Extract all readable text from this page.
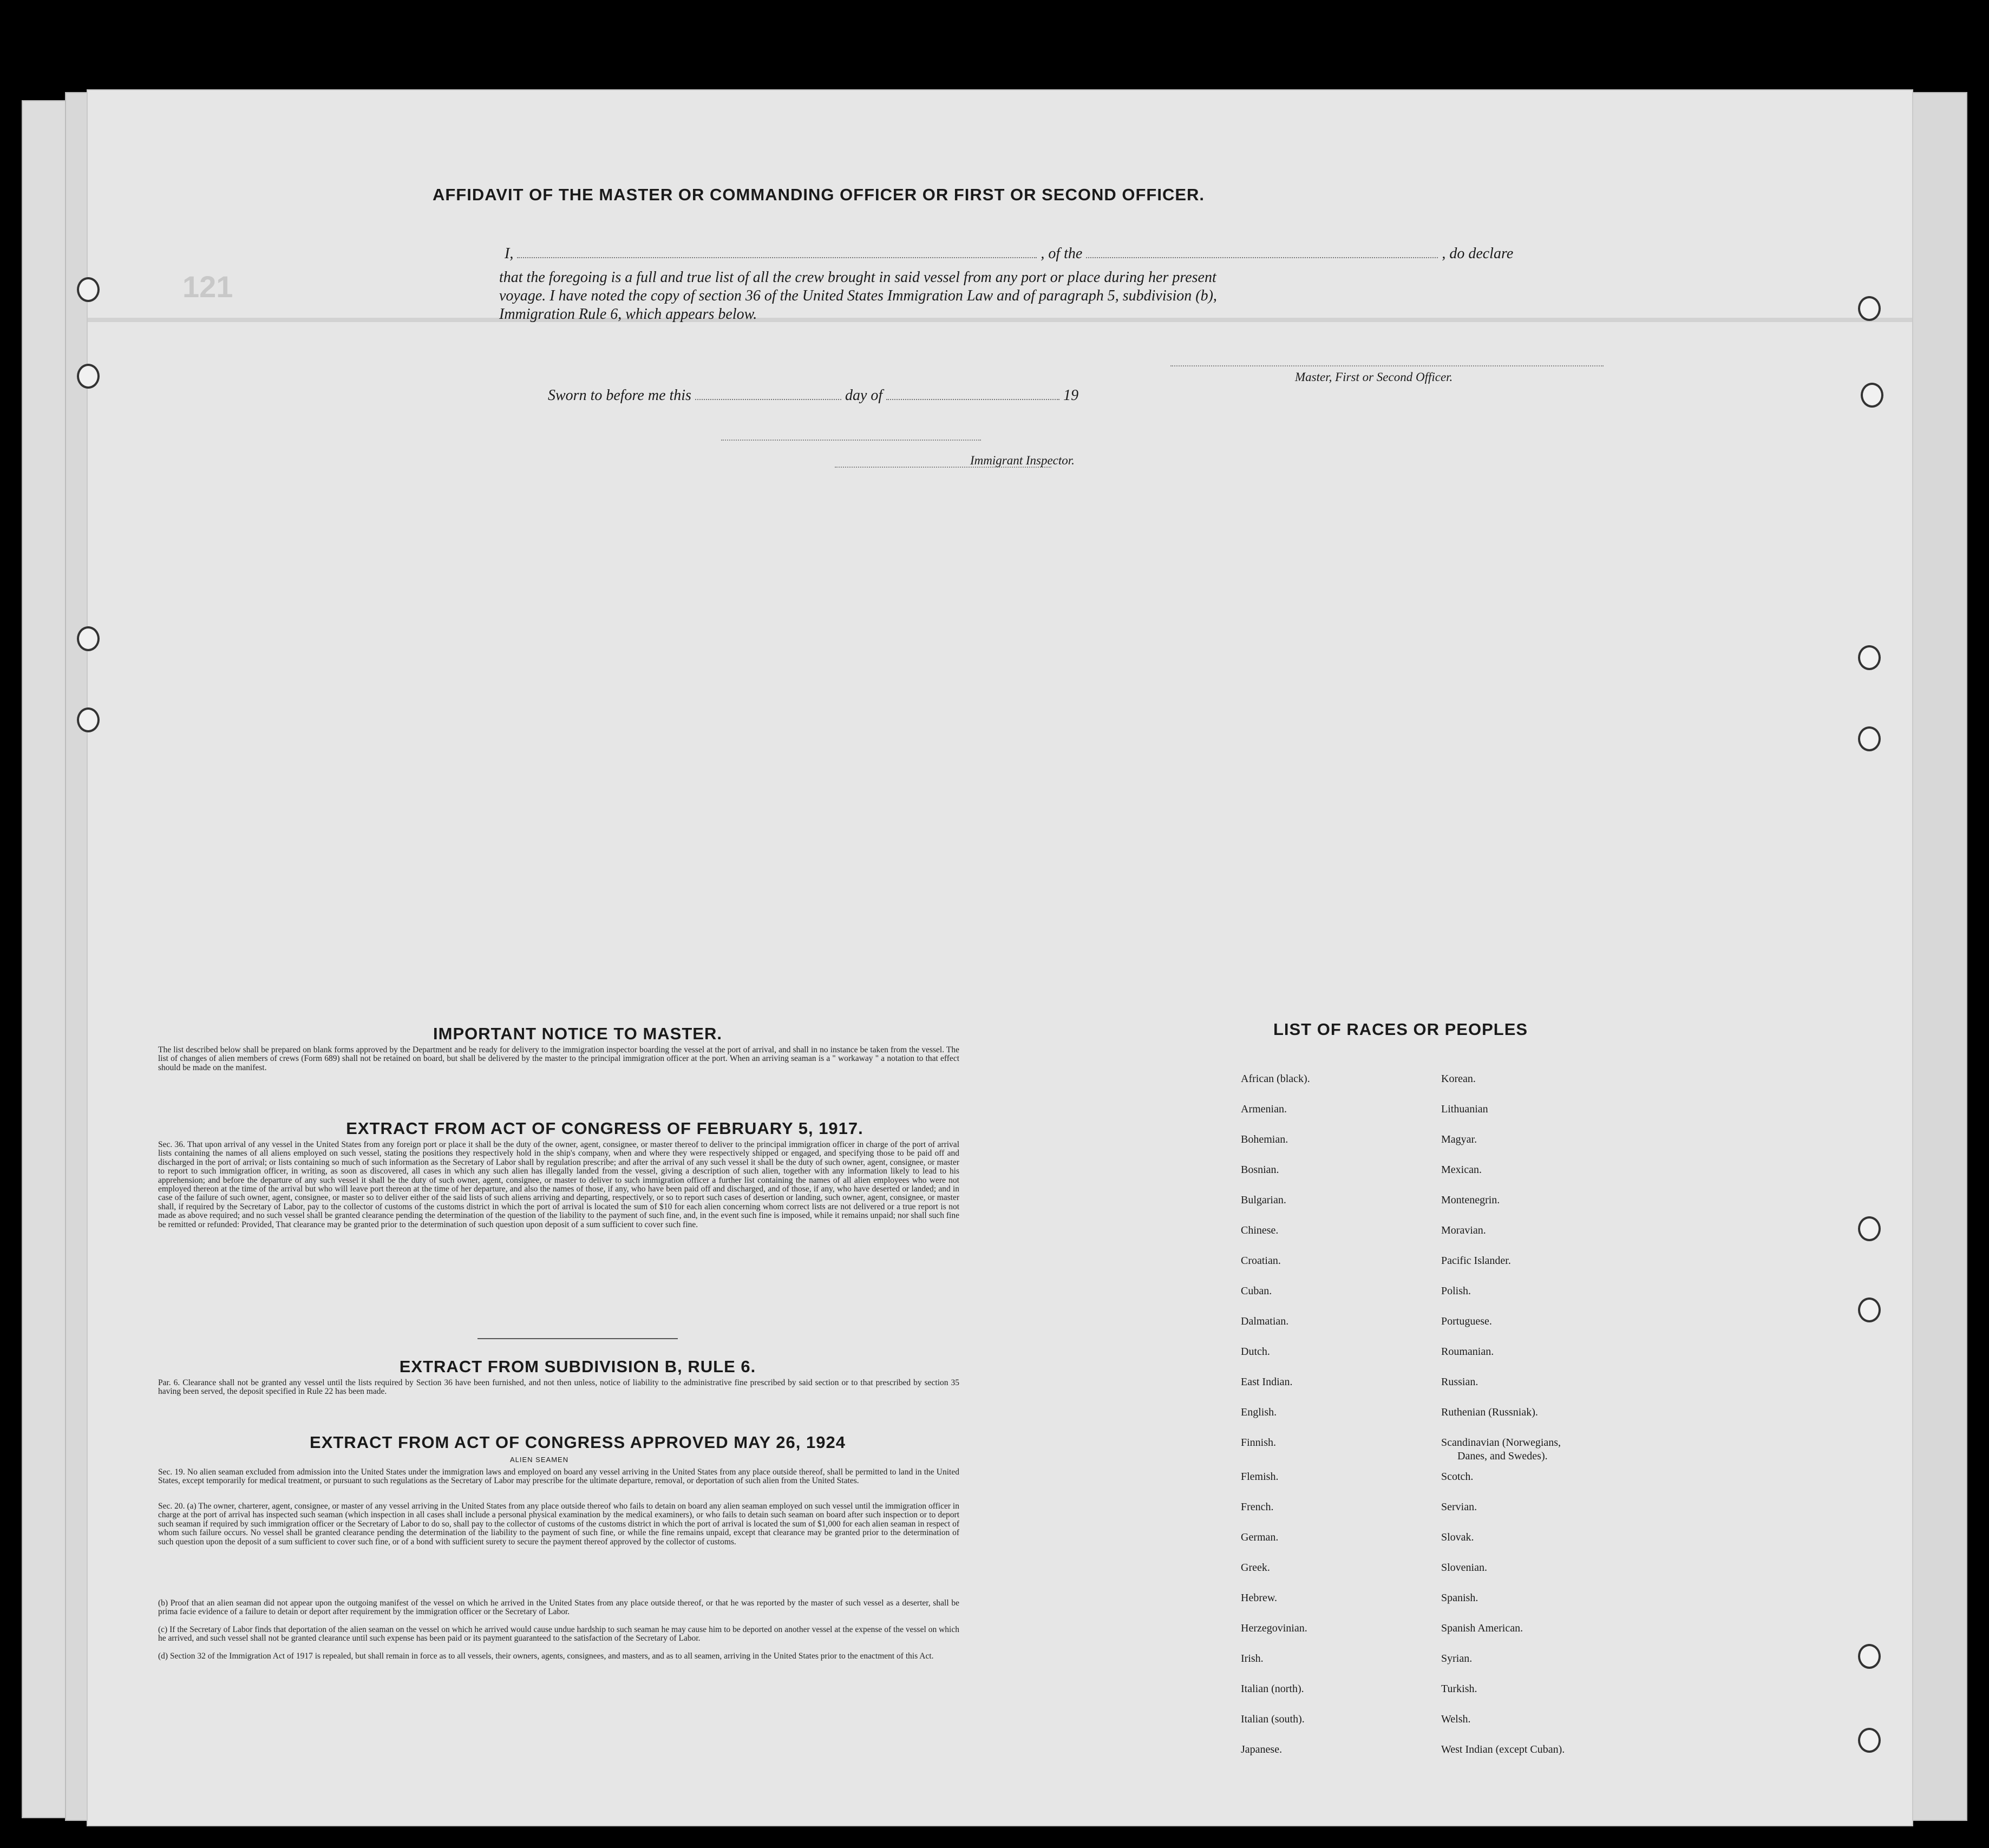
121
AFFIDAVIT OF THE MASTER OR COMMANDING OFFICER OR FIRST OR SECOND OFFICER.
I,	, of the	, do declare
that the foregoing is a full and true list of all the crew brought in said vessel from any port or place during her present
voyage. I have noted the copy of section 36 of the United States Immigration Law and of paragraph 5, subdivision (b),
Immigration Rule 6, which appears below.
Master, First or Second Officer.
Sworn to before me this	day of	19
Immigrant Inspector.
IMPORTANT NOTICE TO MASTER.
The list described below shall be prepared on blank forms approved by the Department and be ready for delivery to the immigration inspector boarding the vessel at the port of arrival, and shall in no instance be taken from the vessel. The list of changes of alien members of crews (Form 689) shall not be retained on board, but shall be delivered by the master to the principal immigration officer at the port. When an arriving seaman is a " workaway " a notation to that effect should be made on the manifest.
EXTRACT FROM ACT OF CONGRESS OF FEBRUARY 5, 1917.
Sec. 36. That upon arrival of any vessel in the United States from any foreign port or place it shall be the duty of the owner, agent, consignee, or master thereof to deliver to the principal immigration officer in charge of the port of arrival lists containing the names of all aliens employed on such vessel, stating the positions they respectively hold in the ship's company, when and where they were respectively shipped or engaged, and specifying those to be paid off and discharged in the port of arrival; or lists containing so much of such information as the Secretary of Labor shall by regulation prescribe; and after the arrival of any such vessel it shall be the duty of such owner, agent, consignee, or master to report to such immigration officer, in writing, as soon as discovered, all cases in which any such alien has illegally landed from the vessel, giving a description of such alien, together with any information likely to lead to his apprehension; and before the departure of any such vessel it shall be the duty of such owner, agent, consignee, or master to deliver to such immigration officer a further list containing the names of all alien employees who were not employed thereon at the time of the arrival but who will leave port thereon at the time of her departure, and also the names of those, if any, who have been paid off and discharged, and of those, if any, who have deserted or landed; and in case of the failure of such owner, agent, consignee, or master so to deliver either of the said lists of such aliens arriving and departing, respectively, or so to report such cases of desertion or landing, such owner, agent, consignee, or master shall, if required by the Secretary of Labor, pay to the collector of customs of the customs district in which the port of arrival is located the sum of $10 for each alien concerning whom correct lists are not delivered or a true report is not made as above required; and no such vessel shall be granted clearance pending the determination of the question of the liability to the payment of such fine, and, in the event such fine is imposed, while it remains unpaid; nor shall such fine be remitted or refunded: Provided, That clearance may be granted prior to the determination of such question upon deposit of a sum sufficient to cover such fine.
EXTRACT FROM SUBDIVISION B, RULE 6.
Par. 6. Clearance shall not be granted any vessel until the lists required by Section 36 have been furnished, and not then unless, notice of liability to the administrative fine prescribed by said section or to that prescribed by section 35 having been served, the deposit specified in Rule 22 has been made.
EXTRACT FROM ACT OF CONGRESS APPROVED MAY 26, 1924
ALIEN SEAMEN
Sec. 19. No alien seaman excluded from admission into the United States under the immigration laws and employed on board any vessel arriving in the United States from any place outside thereof, shall be permitted to land in the United States, except temporarily for medical treatment, or pursuant to such regulations as the Secretary of Labor may prescribe for the ultimate departure, removal, or deportation of such alien from the United States.
Sec. 20. (a) The owner, charterer, agent, consignee, or master of any vessel arriving in the United States from any place outside thereof who fails to detain on board any alien seaman employed on such vessel until the immigration officer in charge at the port of arrival has inspected such seaman (which inspection in all cases shall include a personal physical examination by the medical examiners), or who fails to detain such seaman on board after such inspection or to deport such seaman if required by such immigration officer or the Secretary of Labor to do so, shall pay to the collector of customs of the customs district in which the port of arrival is located the sum of $1,000 for each alien seaman in respect of whom such failure occurs. No vessel shall be granted clearance pending the determination of the liability to the payment of such fine, or while the fine remains unpaid, except that clearance may be granted prior to the determination of such question upon the deposit of a sum sufficient to cover such fine, or of a bond with sufficient surety to secure the payment thereof approved by the collector of customs.
(b) Proof that an alien seaman did not appear upon the outgoing manifest of the vessel on which he arrived in the United States from any place outside thereof, or that he was reported by the master of such vessel as a deserter, shall be prima facie evidence of a failure to detain or deport after requirement by the immigration officer or the Secretary of Labor.
(c) If the Secretary of Labor finds that deportation of the alien seaman on the vessel on which he arrived would cause undue hardship to such seaman he may cause him to be deported on another vessel at the expense of the vessel on which he arrived, and such vessel shall not be granted clearance until such expense has been paid or its payment guaranteed to the satisfaction of the Secretary of Labor.
(d) Section 32 of the Immigration Act of 1917 is repealed, but shall remain in force as to all vessels, their owners, agents, consignees, and masters, and as to all seamen, arriving in the United States prior to the enactment of this Act.
LIST OF RACES OR PEOPLES
African (black).
Armenian.
Bohemian.
Bosnian.
Bulgarian.
Chinese.
Croatian.
Cuban.
Dalmatian.
Dutch.
East Indian.
English.
Finnish.
Flemish.
French.
German.
Greek.
Hebrew.
Herzegovinian.
Irish.
Italian (north).
Italian (south).
Japanese.
Korean.
Lithuanian
Magyar.
Mexican.
Montenegrin.
Moravian.
Pacific Islander.
Polish.
Portuguese.
Roumanian.
Russian.
Ruthenian (Russniak).
Scandinavian (Norwegians,
Danes, and Swedes).
Scotch.
Servian.
Slovak.
Slovenian.
Spanish.
Spanish American.
Syrian.
Turkish.
Welsh.
West Indian (except Cuban).
